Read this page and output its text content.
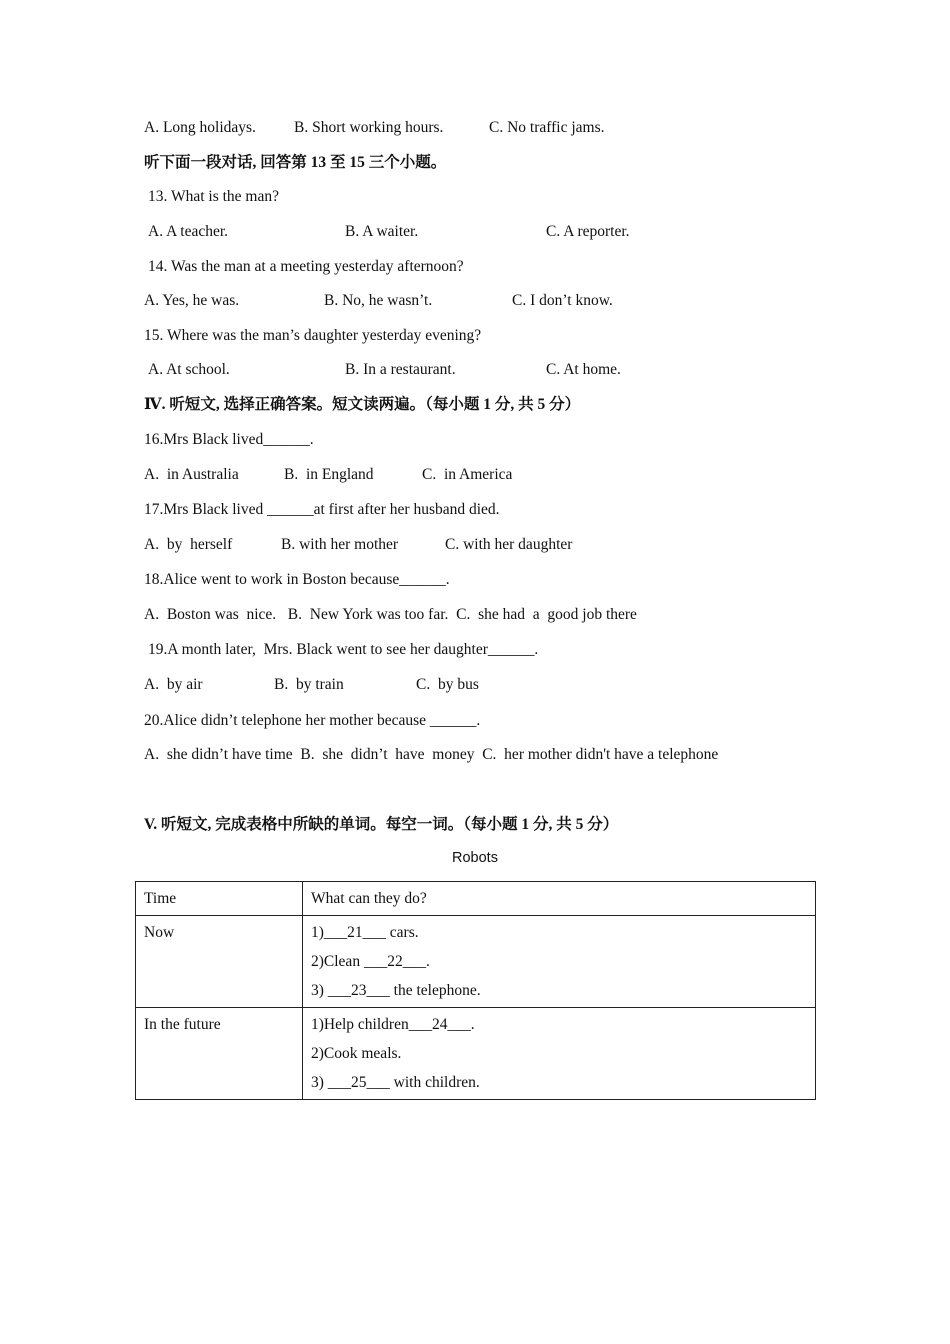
A. Long holidays. B. Short working hours.	C. No traffic jams.
听下面一段对话, 回答第 13 至 15 三个小题。
13. What is the man?
A. A teacher.	B. A waiter.	C. A reporter.
14. Was the man at a meeting yesterday afternoon?
A. Yes, he was.	B. No, he wasn’t.	C. I don’t know.
15. Where was the man’s daughter yesterday evening?
A. At school.	B. In a restaurant.	C. At home.
Ⅳ. 听短文, 选择正确答案。短文读两遍。（每小题 1 分, 共 5 分）
16.Mrs Black lived______.
A.  in Australia	B.  in England	C.  in America
17.Mrs Black lived ______at first after her husband died.
A.  by  herself	B. with her mother	C. with her daughter
18.Alice went to work in Boston because______.
A.  Boston was  nice.   B.  New York was too far.  C.  she had  a  good job there
19.A month later,  Mrs. Black went to see her daughter______.
A.  by air	B.  by train	C.  by bus
20.Alice didn’t telephone her mother because ______.
A.  she didn’t have time  B.  she  didn’t  have  money  C.  her mother didn't have a telephone
V. 听短文, 完成表格中所缺的单词。每空一词。（每小题 1 分, 共 5 分）
Robots
Time	What can they do?
Now	1)___21___ cars.
2)Clean ___22___.
3) ___23___ the telephone.

In the future	1)Help children___24___.
2)Cook meals.
3) ___25___ with children.
